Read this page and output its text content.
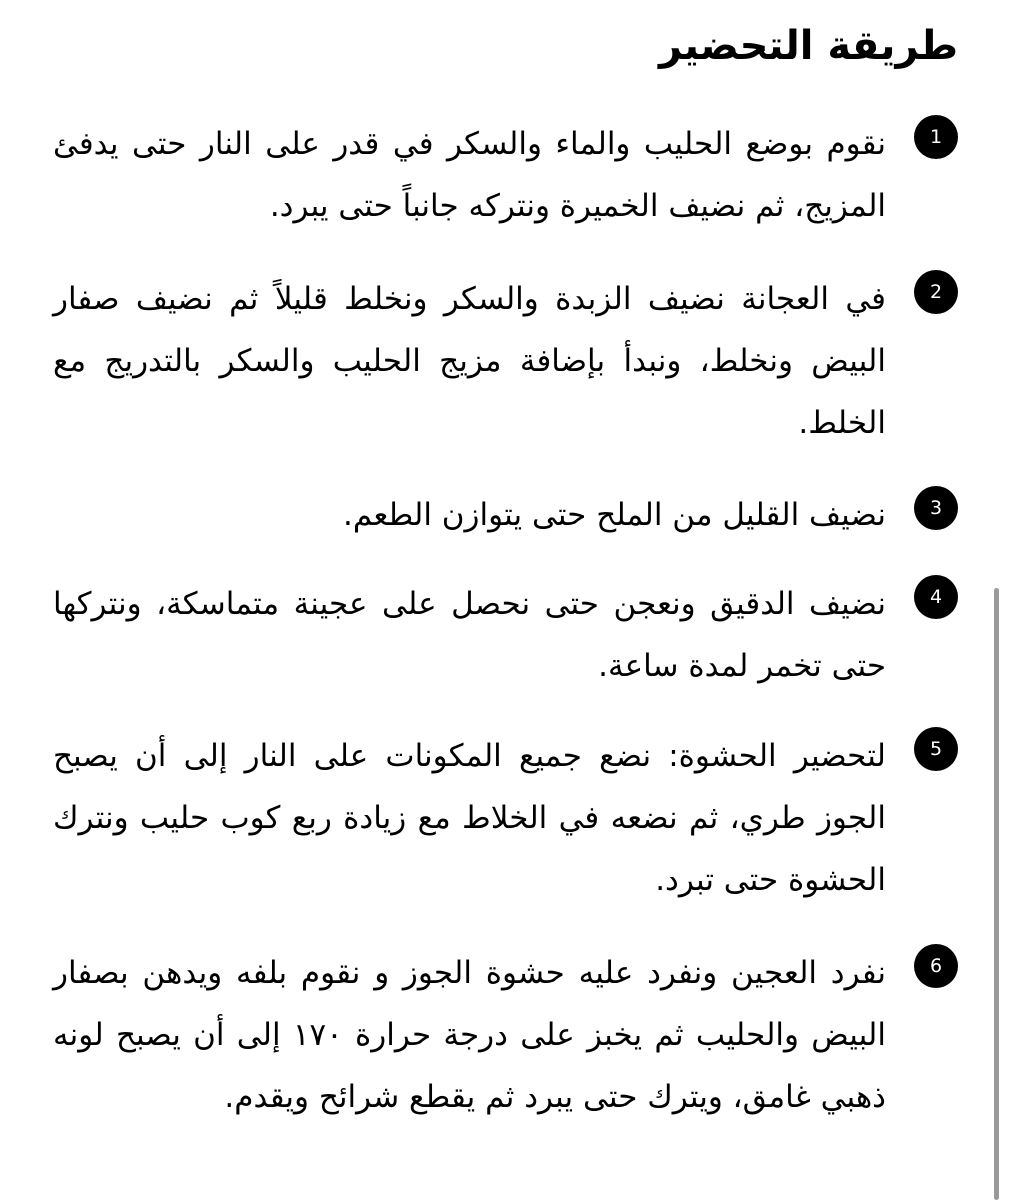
طريقة التحضير
1

نقوم بوضع الحليب والماء والسكر في قدر على النار حتى يدفئ المزيج، ثم نضيف الخميرة ونتركه جانباً حتى يبرد.

2

في العجانة نضيف الزبدة والسكر ونخلط قليلاً ثم نضيف صفار البيض ونخلط، ونبدأ بإضافة مزيج الحليب والسكر بالتدريج مع الخلط.

3

نضيف القليل من الملح حتى يتوازن الطعم.

4

نضيف الدقيق ونعجن حتى نحصل على عجينة متماسكة، ونتركها حتى تخمر لمدة ساعة.

5

لتحضير الحشوة: نضع جميع المكونات على النار إلى أن يصبح الجوز طري، ثم نضعه في الخلاط مع زيادة ربع كوب حليب ونترك الحشوة حتى تبرد.

6

نفرد العجين ونفرد عليه حشوة الجوز و نقوم بلفه ويدهن بصفار البيض والحليب ثم يخبز على درجة حرارة ١٧٠ إلى أن يصبح لونه ذهبي غامق، ويترك حتى يبرد ثم يقطع شرائح ويقدم.
